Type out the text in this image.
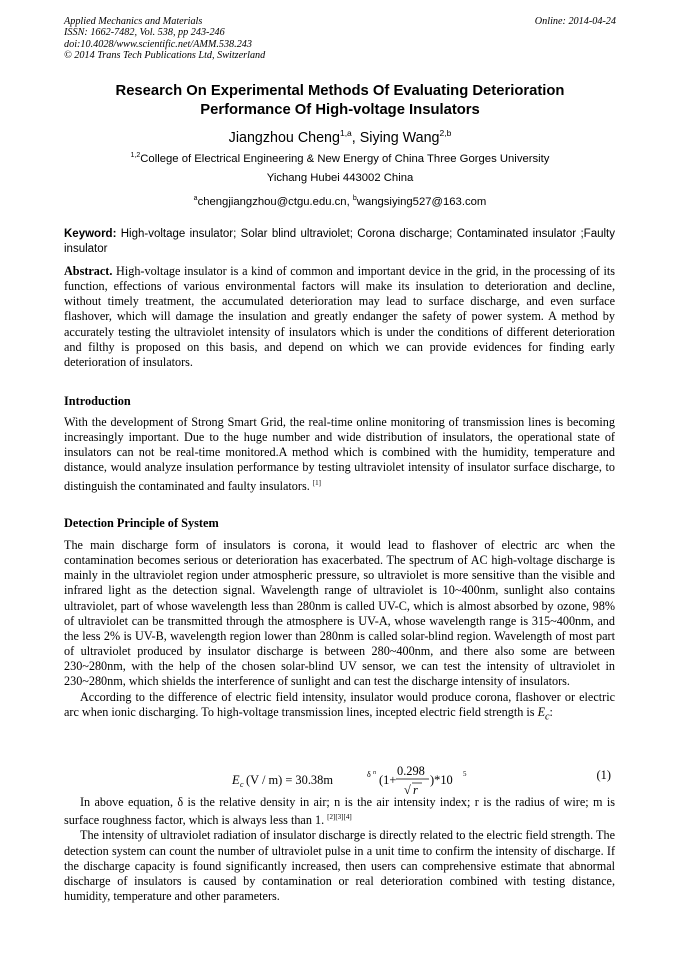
Applied Mechanics and Materials
ISSN: 1662-7482, Vol. 538, pp 243-246
doi:10.4028/www.scientific.net/AMM.538.243
© 2014 Trans Tech Publications Ltd, Switzerland
Online: 2014-04-24
Research On Experimental Methods Of Evaluating Deterioration
Performance Of High-voltage Insulators
Jiangzhou Cheng$^{1,a}$, Siying Wang$^{2,b}$
$^{1,2}$College of Electrical Engineering & New Energy of China Three Gorges University
Yichang Hubei 443002 China
$^a$chengjiangzhou@ctgu.edu.cn, $^b$wangsiying527@163.com
Keyword: High-voltage insulator; Solar blind ultraviolet; Corona discharge; Contaminated insulator ;Faulty insulator

Abstract. High-voltage insulator is a kind of common and important device in the grid, in the processing of its function, effections of various environmental factors will make its insulation to deterioration and decline, without timely treatment, the accumulated deterioration may lead to surface discharge, and even surface flashover, which will damage the insulation and greatly endanger the safety of power system. A method by accurately testing the ultraviolet intensity of insulators which is under the conditions of different deterioration and filthy is proposed on this basis, and depend on which we can provide evidences for finding early deterioration of insulators.

Introduction

With the development of Strong Smart Grid, the real-time online monitoring of transmission lines is becoming increasingly important. Due to the huge number and wide distribution of insulators, the operational state of insulators can not be real-time monitored.A method which is combined with the humidity, temperature and distance, would analyze insulation performance by testing ultraviolet intensity of insulator surface discharge, to distinguish the contaminated and faulty insulators. [1]

Detection Principle of System

The main discharge form of insulators is corona, it would lead to flashover of electric arc when the contamination becomes serious or deterioration has exacerbated. The spectrum of AC high-voltage discharge is mainly in the ultraviolet region under atmospheric pressure, so ultraviolet is more sensitive than the visible and infrared light as the detection signal. Wavelength range of ultraviolet is 10~400nm, sunlight also contains ultraviolet, part of whose wavelength less than 280nm is called UV-C, which is almost absorbed by ozone, 98% of ultraviolet can be transmitted through the atmosphere is UV-A, whose wavelength range is 315~400nm, and the less 2% is UV-B, wavelength region lower than 280nm is called solar-blind region. Wavelength of most part of ultraviolet produced by insulator discharge is between 280~400nm, and there also some are between 230~280nm, with the help of the chosen solar-blind UV sensor, we can test the intensity of ultraviolet in 230~280nm, which shields the interference of sunlight and can test the discharge intensity of insulators.

According to the difference of electric field intensity, insulator would produce corona, flashover or electric arc when ionic discharging. To high-voltage transmission lines, incepted electric field strength is $E_c$:

E c (V / m) = 30.38m	δ n (1+
0.298
√ r
)*10 5	(1)

In above equation, δ is the relative density in air; n is the air intensity index; r is the radius of wire; m is surface roughness factor, which is always less than 1. [2][3][4]

The intensity of ultraviolet radiation of insulator discharge is directly related to the electric field strength. The detection system can count the number of ultraviolet pulse in a unit time to confirm the intensity of discharge. If the discharge capacity is found significantly increased, then users can comprehensive estimate that abnormal discharge of insulators is caused by contamination or real deterioration combined with testing distance, humidity, temperature and other parameters.
